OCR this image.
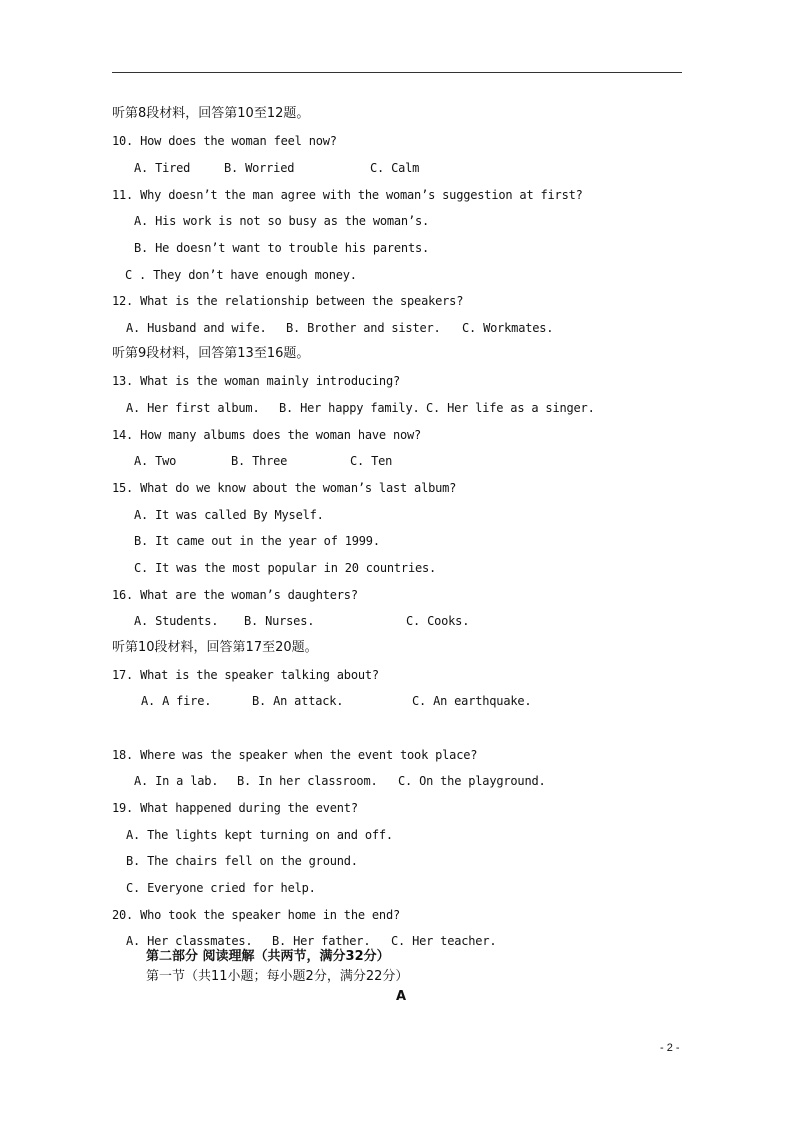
听第8段材料，回答第10至12题。
10. How does the woman feel now?
A. Tired	B. Worried	C. Calm
11. Why doesn’t the man agree with the woman’s suggestion at first?
A. His work is not so busy as the woman’s.
B. He doesn’t want to trouble his parents.
C . They don’t have enough money.
12. What is the relationship between the speakers?
A. Husband and wife. B. Brother and sister. C. Workmates.
听第9段材料，回答第13至16题。
13. What is the woman mainly introducing?
A. Her first album. B. Her happy family. C. Her life as a singer.
14. How many albums does the woman have now?
A. Two	B. Three	C. Ten
15. What do we know about the woman’s last album?
A. It was called By Myself.
B. It came out in the year of 1999.
C. It was the most popular in 20 countries.
16. What are the woman’s daughters?
A. Students. B. Nurses.	C. Cooks.
听第10段材料，回答第17至20题。
17. What is the speaker talking about?
A. A fire.	B. An attack.	C. An earthquake.
18. Where was the speaker when the event took place?
A. In a lab. B. In her classroom. C. On the playground.
19. What happened during the event?
A. The lights kept turning on and off.
B. The chairs fell on the ground.
C. Everyone cried for help.
20. Who took the speaker home in the end?
A. Her classmates. B. Her father. C. Her teacher.
第二部分 阅读理解（共两节，满分32分）
第一节（共11小题；每小题2分，满分22分）
A
- 2 -
